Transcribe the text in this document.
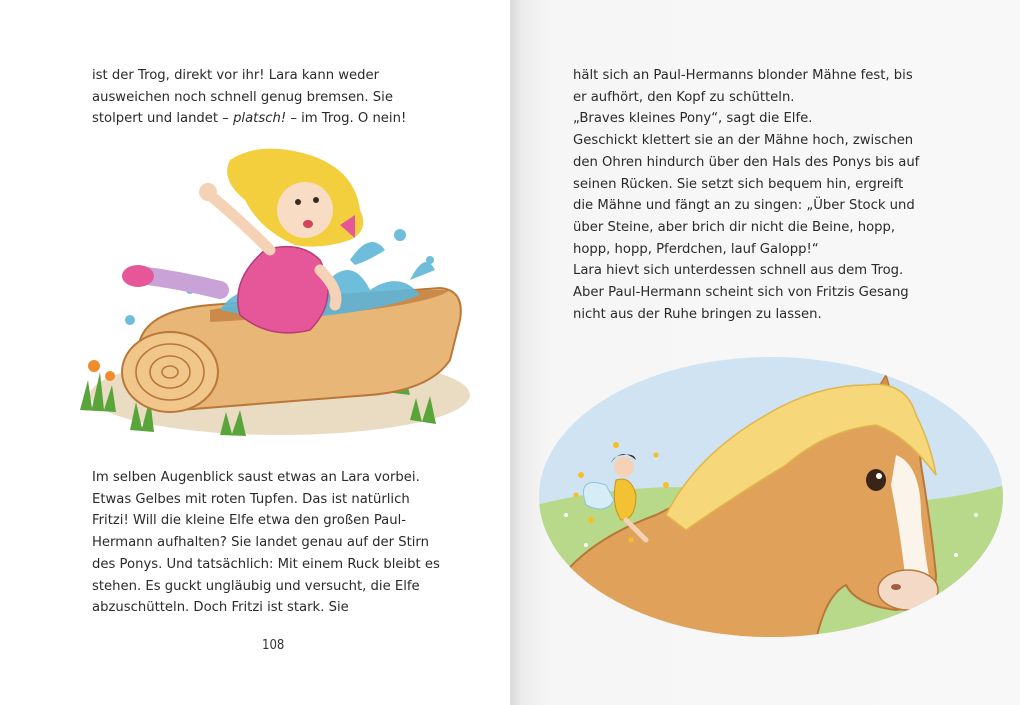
ist der Trog, direkt vor ihr! Lara kann weder ausweichen noch schnell genug bremsen. Sie stolpert und landet – platsch! – im Trog. O nein!

Im selben Augenblick saust etwas an Lara vorbei. Etwas Gelbes mit roten Tupfen. Das ist natürlich Fritzi! Will die kleine Elfe etwa den großen Paul-Hermann aufhalten? Sie landet genau auf der Stirn des Ponys. Und tatsächlich: Mit einem Ruck bleibt es stehen. Es guckt ungläubig und versucht, die Elfe abzuschütteln. Doch Fritzi ist stark. Sie

108

hält sich an Paul-Hermanns blonder Mähne fest, bis er aufhört, den Kopf zu schütteln.

„Braves kleines Pony“, sagt die Elfe.

Geschickt klettert sie an der Mähne hoch, zwischen den Ohren hindurch über den Hals des Ponys bis auf seinen Rücken. Sie setzt sich bequem hin, ergreift die Mähne und fängt an zu singen: „Über Stock und über Steine, aber brich dir nicht die Beine, hopp, hopp, hopp, Pferdchen, lauf Galopp!“

Lara hievt sich unterdessen schnell aus dem Trog. Aber Paul-Hermann scheint sich von Fritzis Gesang nicht aus der Ruhe bringen zu lassen.
